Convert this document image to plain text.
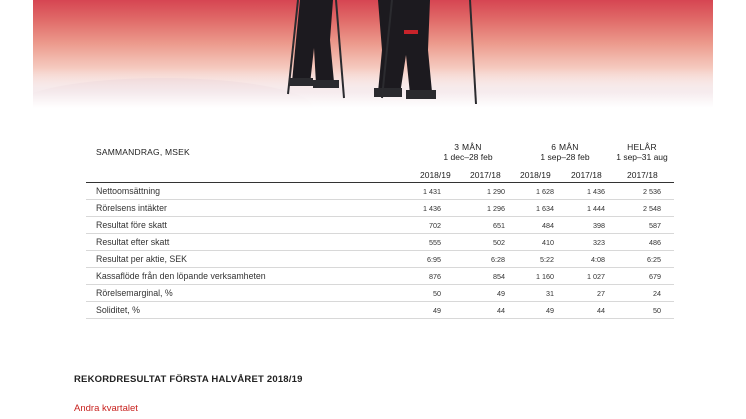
SAMMANDRAG, MSEK	3 MÅN
1 dec–28 feb
6 MÅN
1 sep–28 feb
HELÅR
1 sep–31 aug
2018/19 2017/18 2018/19 2017/18	2017/18
Nettoomsättning	1 431	1 290	1 628	1 436	2 536
Rörelsens intäkter	1 436	1 296	1 634	1 444	2 548
Resultat före skatt	702	651	484	398	587
Resultat efter skatt	555	502	410	323	486
Resultat per aktie, SEK	6:95	6:28	5:22	4:08	6:25
Kassaflöde från den löpande verksamheten	876	854	1 160	1 027	679
Rörelsemarginal, %	50	49	31	27	24
Soliditet, %	49	44	49	44	50
REKORDRESULTAT FÖRSTA HALVÅRET 2018/19
Andra kvartalet
